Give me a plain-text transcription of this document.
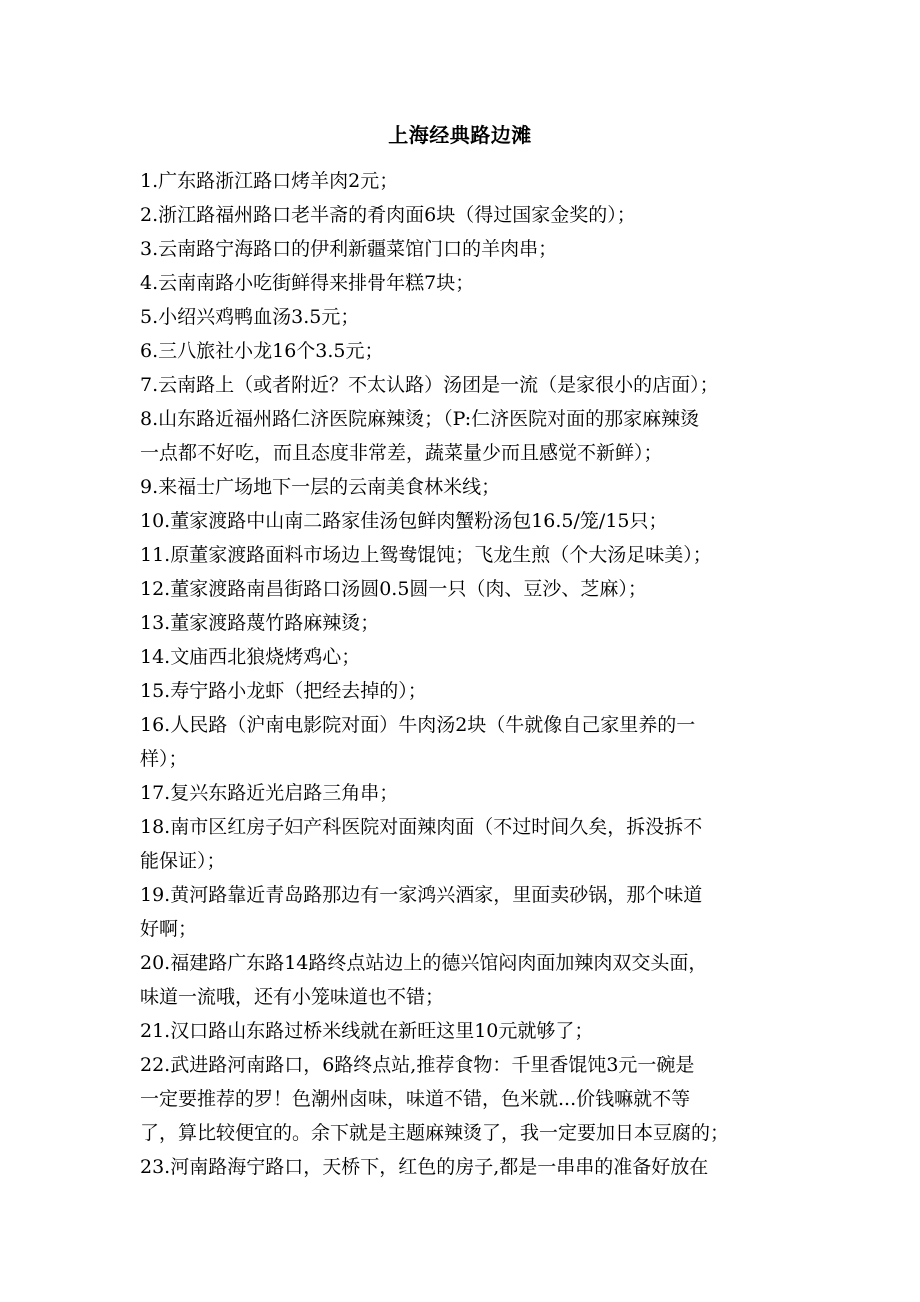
上海经典路边滩
1.广东路浙江路口烤羊肉2元；
2.浙江路福州路口老半斋的肴肉面6块（得过国家金奖的）；
3.云南路宁海路口的伊利新疆菜馆门口的羊肉串；
4.云南南路小吃街鲜得来排骨年糕7块；
5.小绍兴鸡鸭血汤3.5元；
6.三八旅社小龙16个3.5元；
7.云南路上（或者附近？不太认路）汤团是一流（是家很小的店面）；
8.山东路近福州路仁济医院麻辣烫；（P:仁济医院对面的那家麻辣烫
一点都不好吃，而且态度非常差，蔬菜量少而且感觉不新鲜）；
9.来福士广场地下一层的云南美食林米线；
10.董家渡路中山南二路家佳汤包鲜肉蟹粉汤包16.5/笼/15只；
11.原董家渡路面料市场边上鸳鸯馄饨；飞龙生煎（个大汤足味美）；
12.董家渡路南昌街路口汤圆0.5圆一只（肉、豆沙、芝麻）；
13.董家渡路蔑竹路麻辣烫；
14.文庙西北狼烧烤鸡心；
15.寿宁路小龙虾（把经去掉的）；
16.人民路（沪南电影院对面）牛肉汤2块（牛就像自己家里养的一
样）；
17.复兴东路近光启路三角串；
18.南市区红房子妇产科医院对面辣肉面（不过时间久矣，拆没拆不
能保证）；
19.黄河路靠近青岛路那边有一家鸿兴酒家，里面卖砂锅，那个味道
好啊；
20.福建路广东路14路终点站边上的德兴馆闷肉面加辣肉双交头面，
味道一流哦，还有小笼味道也不错；
21.汉口路山东路过桥米线就在新旺这里10元就够了；
22.武进路河南路口，6路终点站,推荐食物：千里香馄饨3元一碗是
一定要推荐的罗！色潮州卤味，味道不错，色米就...价钱嘛就不等
了，算比较便宜的。余下就是主题麻辣烫了，我一定要加日本豆腐的；
23.河南路海宁路口，天桥下，红色的房子,都是一串串的准备好放在
